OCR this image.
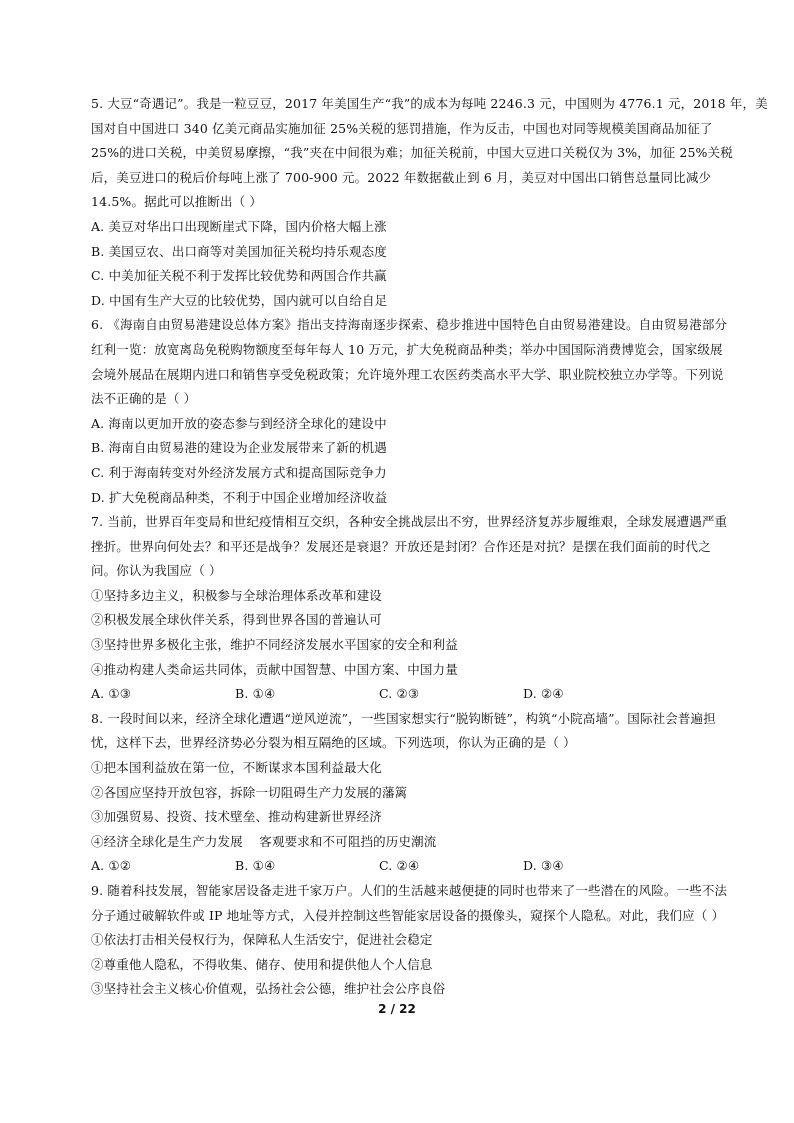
5. 大豆“奇遇记”。我是一粒豆豆，2017 年美国生产“我”的成本为每吨 2246.3 元，中国则为 4776.1 元，2018 年，美
国对自中国进口 340 亿美元商品实施加征 25%关税的惩罚措施，作为反击，中国也对同等规模美国商品加征了
25%的进口关税，中美贸易摩擦，“我”夹在中间很为难；加征关税前，中国大豆进口关税仅为 3%，加征 25%关税
后，美豆进口的税后价每吨上涨了 700-900 元。2022 年数据截止到 6 月，美豆对中国出口销售总量同比减少
14.5%。据此可以推断出（ ）
A. 美豆对华出口出现断崖式下降，国内价格大幅上涨
B. 美国豆农、出口商等对美国加征关税均持乐观态度
C. 中美加征关税不利于发挥比较优势和两国合作共赢
D. 中国有生产大豆的比较优势，国内就可以自给自足
6. 《海南自由贸易港建设总体方案》指出支持海南逐步探索、稳步推进中国特色自由贸易港建设。自由贸易港部分
红利一览：放宽离岛免税购物额度至每年每人 10 万元，扩大免税商品种类；举办中国国际消费博览会，国家级展
会境外展品在展期内进口和销售享受免税政策；允许境外理工农医药类高水平大学、职业院校独立办学等。下列说
法不正确的是（ ）
A. 海南以更加开放的姿态参与到经济全球化的建设中
B. 海南自由贸易港的建设为企业发展带来了新的机遇
C. 利于海南转变对外经济发展方式和提高国际竞争力
D. 扩大免税商品种类，不利于中国企业增加经济收益
7. 当前，世界百年变局和世纪疫情相互交织，各种安全挑战层出不穷，世界经济复苏步履维艰，全球发展遭遇严重
挫折。世界向何处去？和平还是战争？发展还是衰退？开放还是封闭？合作还是对抗？是摆在我们面前的时代之
问。你认为我国应（ ）
①坚持多边主义，积极参与全球治理体系改革和建设
②积极发展全球伙伴关系，得到世界各国的普遍认可
③坚持世界多极化主张，维护不同经济发展水平国家的安全和利益
④推动构建人类命运共同体，贡献中国智慧、中国方案、中国力量
A. ①③	B. ①④	C. ②③	D. ②④
8. 一段时间以来，经济全球化遭遇“逆风逆流”，一些国家想实行“脱钩断链”，构筑“小院高墙”。国际社会普遍担
忧，这样下去，世界经济势必分裂为相互隔绝的区域。下列选项，你认为正确的是（ ）
①把本国利益放在第一位，不断谋求本国利益最大化
②各国应坚持开放包容，拆除一切阻碍生产力发展的藩篱
③加强贸易、投资、技术壁垒、推动构建新世界经济
④经济全球化是生产力发展    客观要求和不可阻挡的历史潮流
A. ①②	B. ①④	C. ②④	D. ③④
9. 随着科技发展，智能家居设备走进千家万户。人们的生活越来越便捷的同时也带来了一些潜在的风险。一些不法
分子通过破解软件或 IP 地址等方式，入侵并控制这些智能家居设备的摄像头，窥探个人隐私。对此，我们应（ ）
①依法打击相关侵权行为，保障私人生活安宁，促进社会稳定
②尊重他人隐私，不得收集、储存、使用和提供他人个人信息
③坚持社会主义核心价值观，弘扬社会公德，维护社会公序良俗
2 / 22
